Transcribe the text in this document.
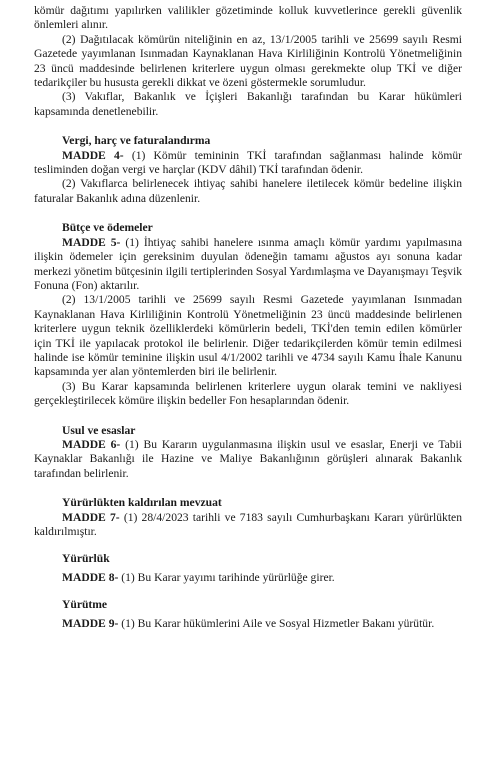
kömür dağıtımı yapılırken valilikler gözetiminde kolluk kuvvetlerince gerekli güvenlik önlemleri alınır.

(2) Dağıtılacak kömürün niteliğinin en az, 13/1/2005 tarihli ve 25699 sayılı Resmi Gazetede yayımlanan Isınmadan Kaynaklanan Hava Kirliliğinin Kontrolü Yönetmeliğinin 23 üncü maddesinde belirlenen kriterlere uygun olması gerekmekte olup TKİ ve diğer tedarikçiler bu hususta gerekli dikkat ve özeni göstermekle sorumludur.

(3) Vakıflar, Bakanlık ve İçişleri Bakanlığı tarafından bu Karar hükümleri kapsamında denetlenebilir.

Vergi, harç ve faturalandırma

MADDE 4- (1) Kömür temininin TKİ tarafından sağlanması halinde kömür tesliminden doğan vergi ve harçlar (KDV dâhil) TKİ tarafından ödenir.

(2) Vakıflarca belirlenecek ihtiyaç sahibi hanelere iletilecek kömür bedeline ilişkin faturalar Bakanlık adına düzenlenir.

Bütçe ve ödemeler

MADDE 5- (1) İhtiyaç sahibi hanelere ısınma amaçlı kömür yardımı yapılmasına ilişkin ödemeler için gereksinim duyulan ödeneğin tamamı ağustos ayı sonuna kadar merkezi yönetim bütçesinin ilgili tertiplerinden Sosyal Yardımlaşma ve Dayanışmayı Teşvik Fonuna (Fon) aktarılır.

(2) 13/1/2005 tarihli ve 25699 sayılı Resmi Gazetede yayımlanan Isınmadan Kaynaklanan Hava Kirliliğinin Kontrolü Yönetmeliğinin 23 üncü maddesinde belirlenen kriterlere uygun teknik özelliklerdeki kömürlerin bedeli, TKİ'den temin edilen kömürler için TKİ ile yapılacak protokol ile belirlenir. Diğer tedarikçilerden kömür temin edilmesi halinde ise kömür teminine ilişkin usul 4/1/2002 tarihli ve 4734 sayılı Kamu İhale Kanunu kapsamında yer alan yöntemlerden biri ile belirlenir.

(3) Bu Karar kapsamında belirlenen kriterlere uygun olarak temini ve nakliyesi gerçekleştirilecek kömüre ilişkin bedeller Fon hesaplarından ödenir.

Usul ve esaslar

MADDE 6- (1) Bu Kararın uygulanmasına ilişkin usul ve esaslar, Enerji ve Tabii Kaynaklar Bakanlığı ile Hazine ve Maliye Bakanlığının görüşleri alınarak Bakanlık tarafından belirlenir.

Yürürlükten kaldırılan mevzuat

MADDE 7- (1) 28/4/2023 tarihli ve 7183 sayılı Cumhurbaşkanı Kararı yürürlükten kaldırılmıştır.

Yürürlük

MADDE 8- (1) Bu Karar yayımı tarihinde yürürlüğe girer.

Yürütme

MADDE 9- (1) Bu Karar hükümlerini Aile ve Sosyal Hizmetler Bakanı yürütür.
